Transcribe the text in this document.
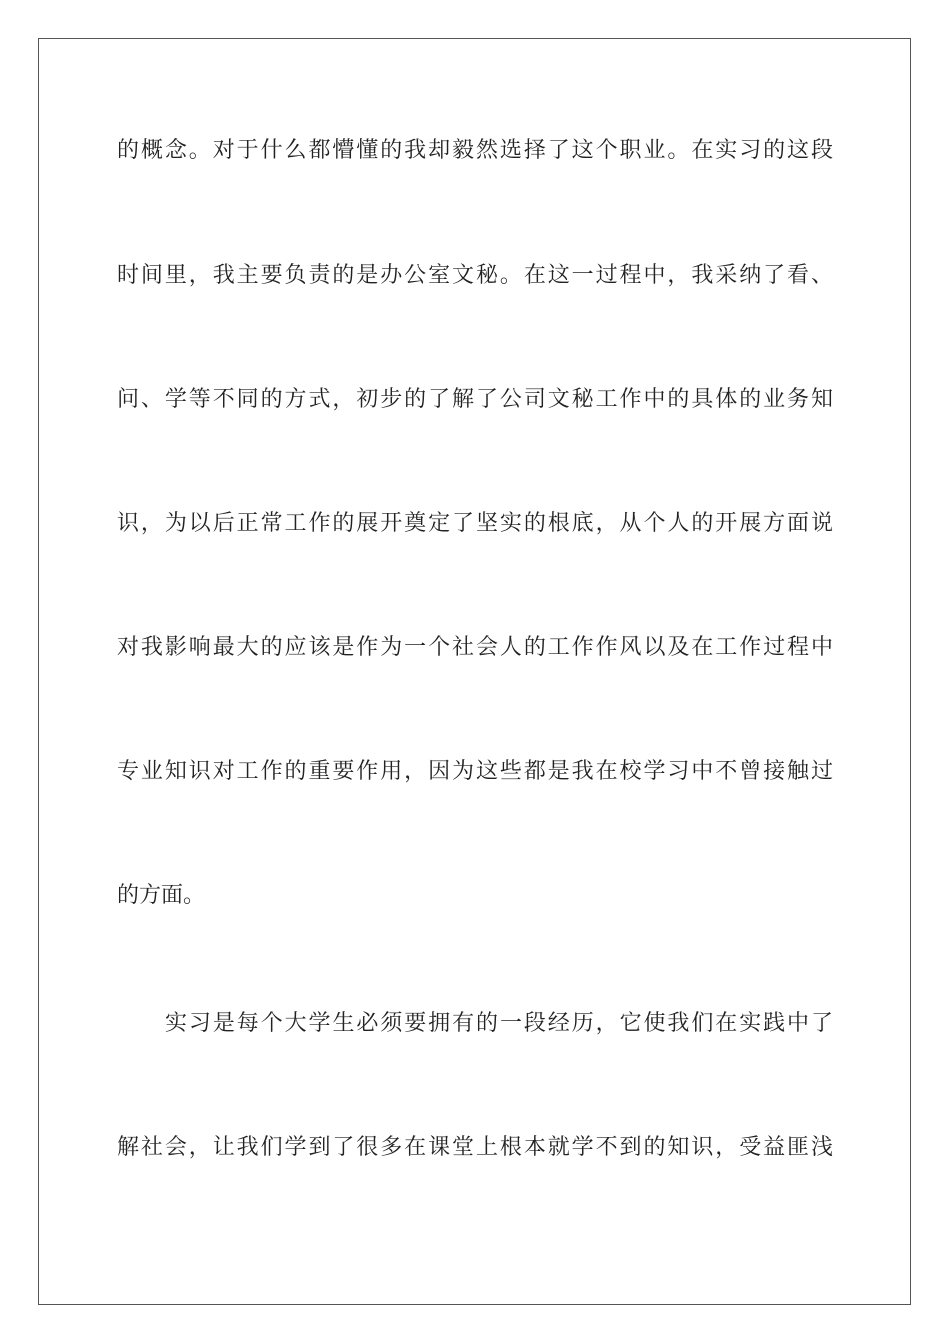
的概念。对于什么都懵懂的我却毅然选择了这个职业。在实习的这段
时间里，我主要负责的是办公室文秘。在这一过程中，我采纳了看、
问、学等不同的方式，初步的了解了公司文秘工作中的具体的业务知
识，为以后正常工作的展开奠定了坚实的根底，从个人的开展方面说
对我影响最大的应该是作为一个社会人的工作作风以及在工作过程中
专业知识对工作的重要作用，因为这些都是我在校学习中不曾接触过
的方面。
实习是每个大学生必须要拥有的一段经历，它使我们在实践中了
解社会，让我们学到了很多在课堂上根本就学不到的知识，受益匪浅
